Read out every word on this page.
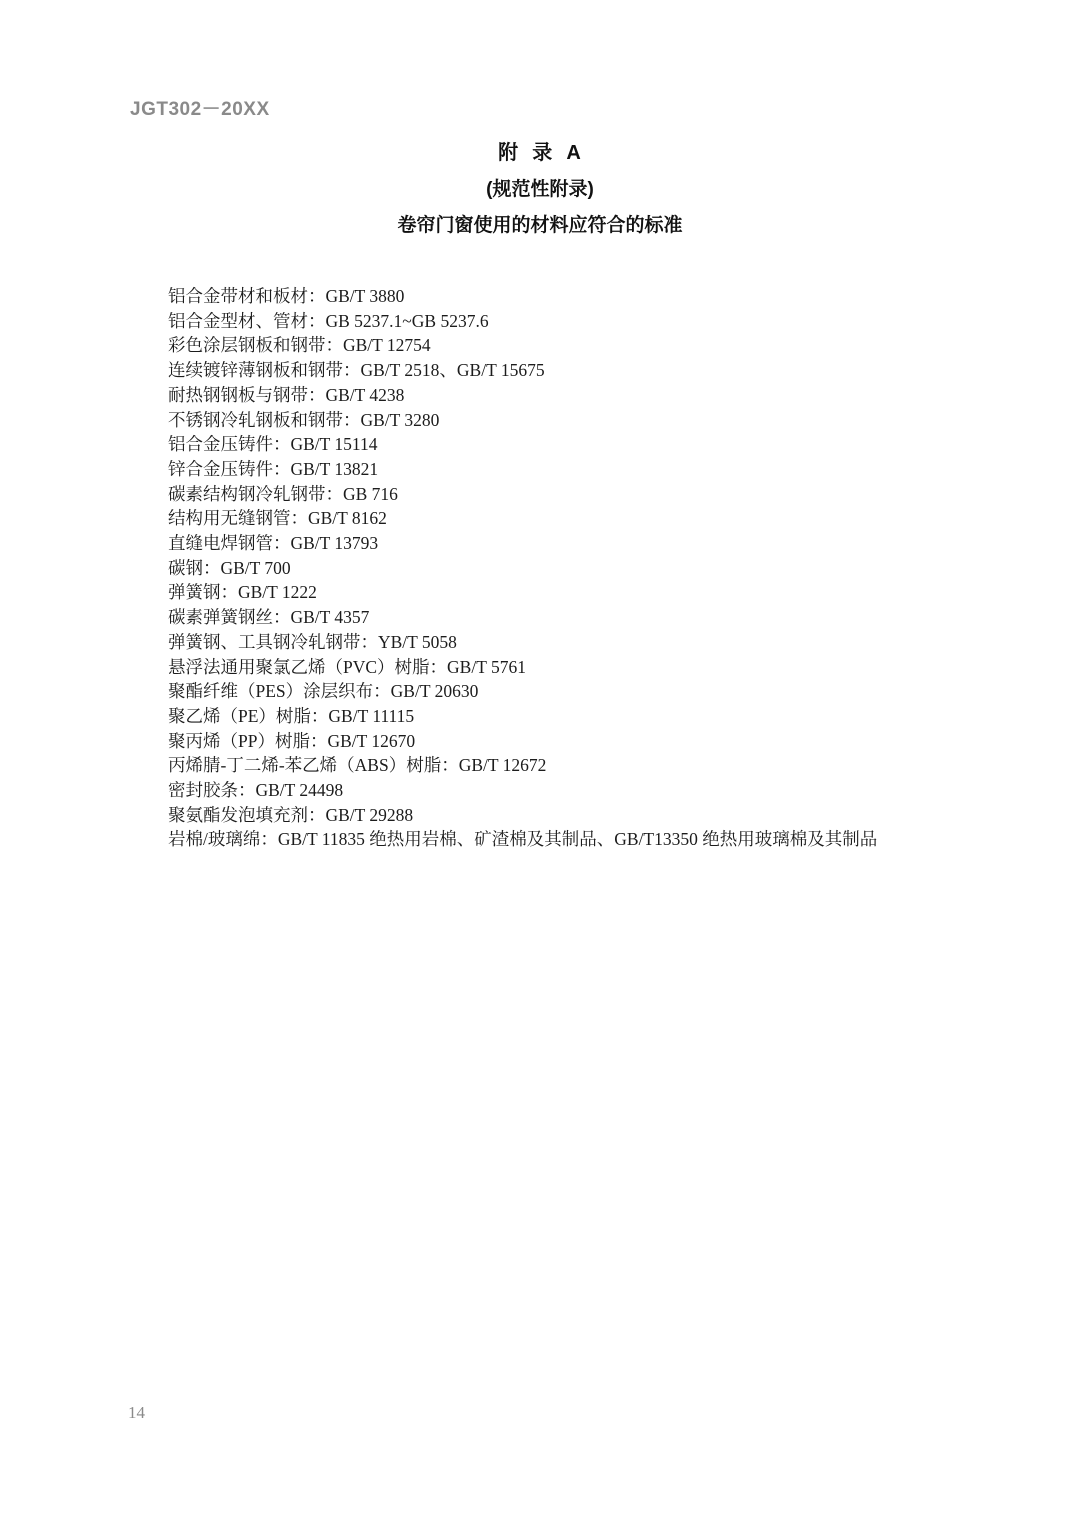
JGT302－20XX
附  录  A
(规范性附录)
卷帘门窗使用的材料应符合的标准
铝合金带材和板材：GB/T 3880
铝合金型材、管材：GB 5237.1~GB 5237.6
彩色涂层钢板和钢带：GB/T 12754
连续镀锌薄钢板和钢带：GB/T 2518、GB/T 15675
耐热钢钢板与钢带：GB/T 4238
不锈钢冷轧钢板和钢带：GB/T 3280
铝合金压铸件：GB/T 15114
锌合金压铸件：GB/T 13821
碳素结构钢冷轧钢带：GB 716
结构用无缝钢管：GB/T 8162
直缝电焊钢管：GB/T 13793
碳钢：GB/T 700
弹簧钢：GB/T 1222
碳素弹簧钢丝：GB/T 4357
弹簧钢、工具钢冷轧钢带：YB/T 5058
悬浮法通用聚氯乙烯（PVC）树脂：GB/T 5761
聚酯纤维（PES）涂层织布：GB/T 20630
聚乙烯（PE）树脂：GB/T 11115
聚丙烯（PP）树脂：GB/T 12670
丙烯腈-丁二烯-苯乙烯（ABS）树脂：GB/T 12672
密封胶条：GB/T 24498
聚氨酯发泡填充剂：GB/T 29288
岩棉/玻璃绵：GB/T 11835 绝热用岩棉、矿渣棉及其制品、GB/T13350 绝热用玻璃棉及其制品
14
